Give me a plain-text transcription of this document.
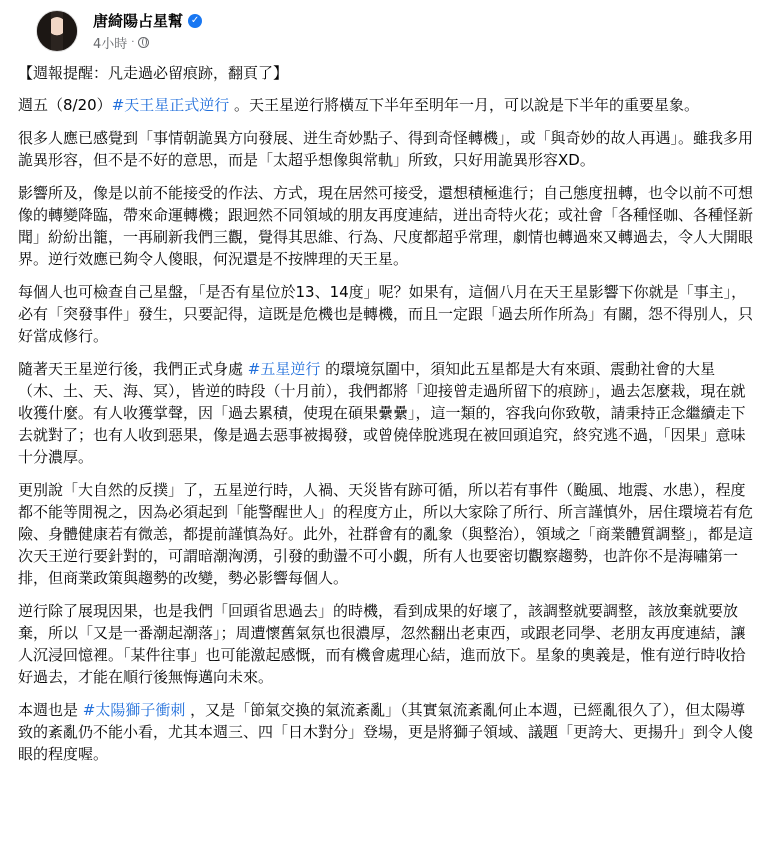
唐綺陽占星幫 ✓
4小時 ·

【週報提醒：凡走過必留痕跡，翻頁了】

週五（8/20）#天王星正式逆行 。天王星逆行將橫亙下半年至明年一月，可以說是下半年的重要星象。

很多人應已感覺到「事情朝詭異方向發展、迸生奇妙點子、得到奇怪轉機」，或「與奇妙的故人再遇」。雖我多用詭異形容，但不是不好的意思，而是「太超乎想像與常軌」所致，只好用詭異形容XD。

影響所及，像是以前不能接受的作法、方式，現在居然可接受，還想積極進行；自己態度扭轉，也令以前不可想像的轉變降臨，帶來命運轉機；跟迥然不同領域的朋友再度連結，迸出奇特火花；或社會「各種怪咖、各種怪新聞」紛紛出籠，一再刷新我們三觀，覺得其思維、行為、尺度都超乎常理，劇情也轉過來又轉過去，令人大開眼界。逆行效應已夠令人傻眼，何況還是不按牌理的天王星。

每個人也可檢查自己星盤，「是否有星位於13、14度」呢？如果有，這個八月在天王星影響下你就是「事主」，必有「突發事件」發生，只要記得，這既是危機也是轉機，而且一定跟「過去所作所為」有關，怨不得別人，只好當成修行。

隨著天王星逆行後，我們正式身處 #五星逆行 的環境氛圍中，須知此五星都是大有來頭、震動社會的大星（木、土、天、海、冥），皆逆的時段（十月前），我們都將「迎接曾走過所留下的痕跡」，過去怎麼栽，現在就收獲什麼。有人收獲掌聲，因「過去累積，使現在碩果纍纍」，這一類的，容我向你致敬，請秉持正念繼續走下去就對了；也有人收到惡果，像是過去惡事被揭發，或曾僥倖脫逃現在被回頭追究，終究逃不過，「因果」意味十分濃厚。

更別說「大自然的反撲」了，五星逆行時，人禍、天災皆有跡可循，所以若有事件（颱風、地震、水患），程度都不能等閒視之，因為必須起到「能警醒世人」的程度方止，所以大家除了所行、所言謹慎外，居住環境若有危險、身體健康若有微恙，都提前謹慎為好。此外，社群會有的亂象（與整治），領域之「商業體質調整」，都是這次天王逆行要針對的，可謂暗潮洶湧，引發的動盪不可小覷，所有人也要密切觀察趨勢，也許你不是海嘯第一排，但商業政策與趨勢的改變，勢必影響每個人。

逆行除了展現因果，也是我們「回頭省思過去」的時機，看到成果的好壞了，該調整就要調整，該放棄就要放棄，所以「又是一番潮起潮落」；周遭懷舊氣氛也很濃厚，忽然翻出老東西，或跟老同學、老朋友再度連結，讓人沉浸回憶裡。「某件往事」也可能激起感慨，而有機會處理心結，進而放下。星象的奧義是，惟有逆行時收拾好過去，才能在順行後無悔邁向未來。

本週也是 #太陽獅子衝刺 ，又是「節氣交換的氣流紊亂」（其實氣流紊亂何止本週，已經亂很久了），但太陽導致的紊亂仍不能小看，尤其本週三、四「日木對分」登場，更是將獅子領域、議題「更誇大、更揚升」到令人傻眼的程度喔。
